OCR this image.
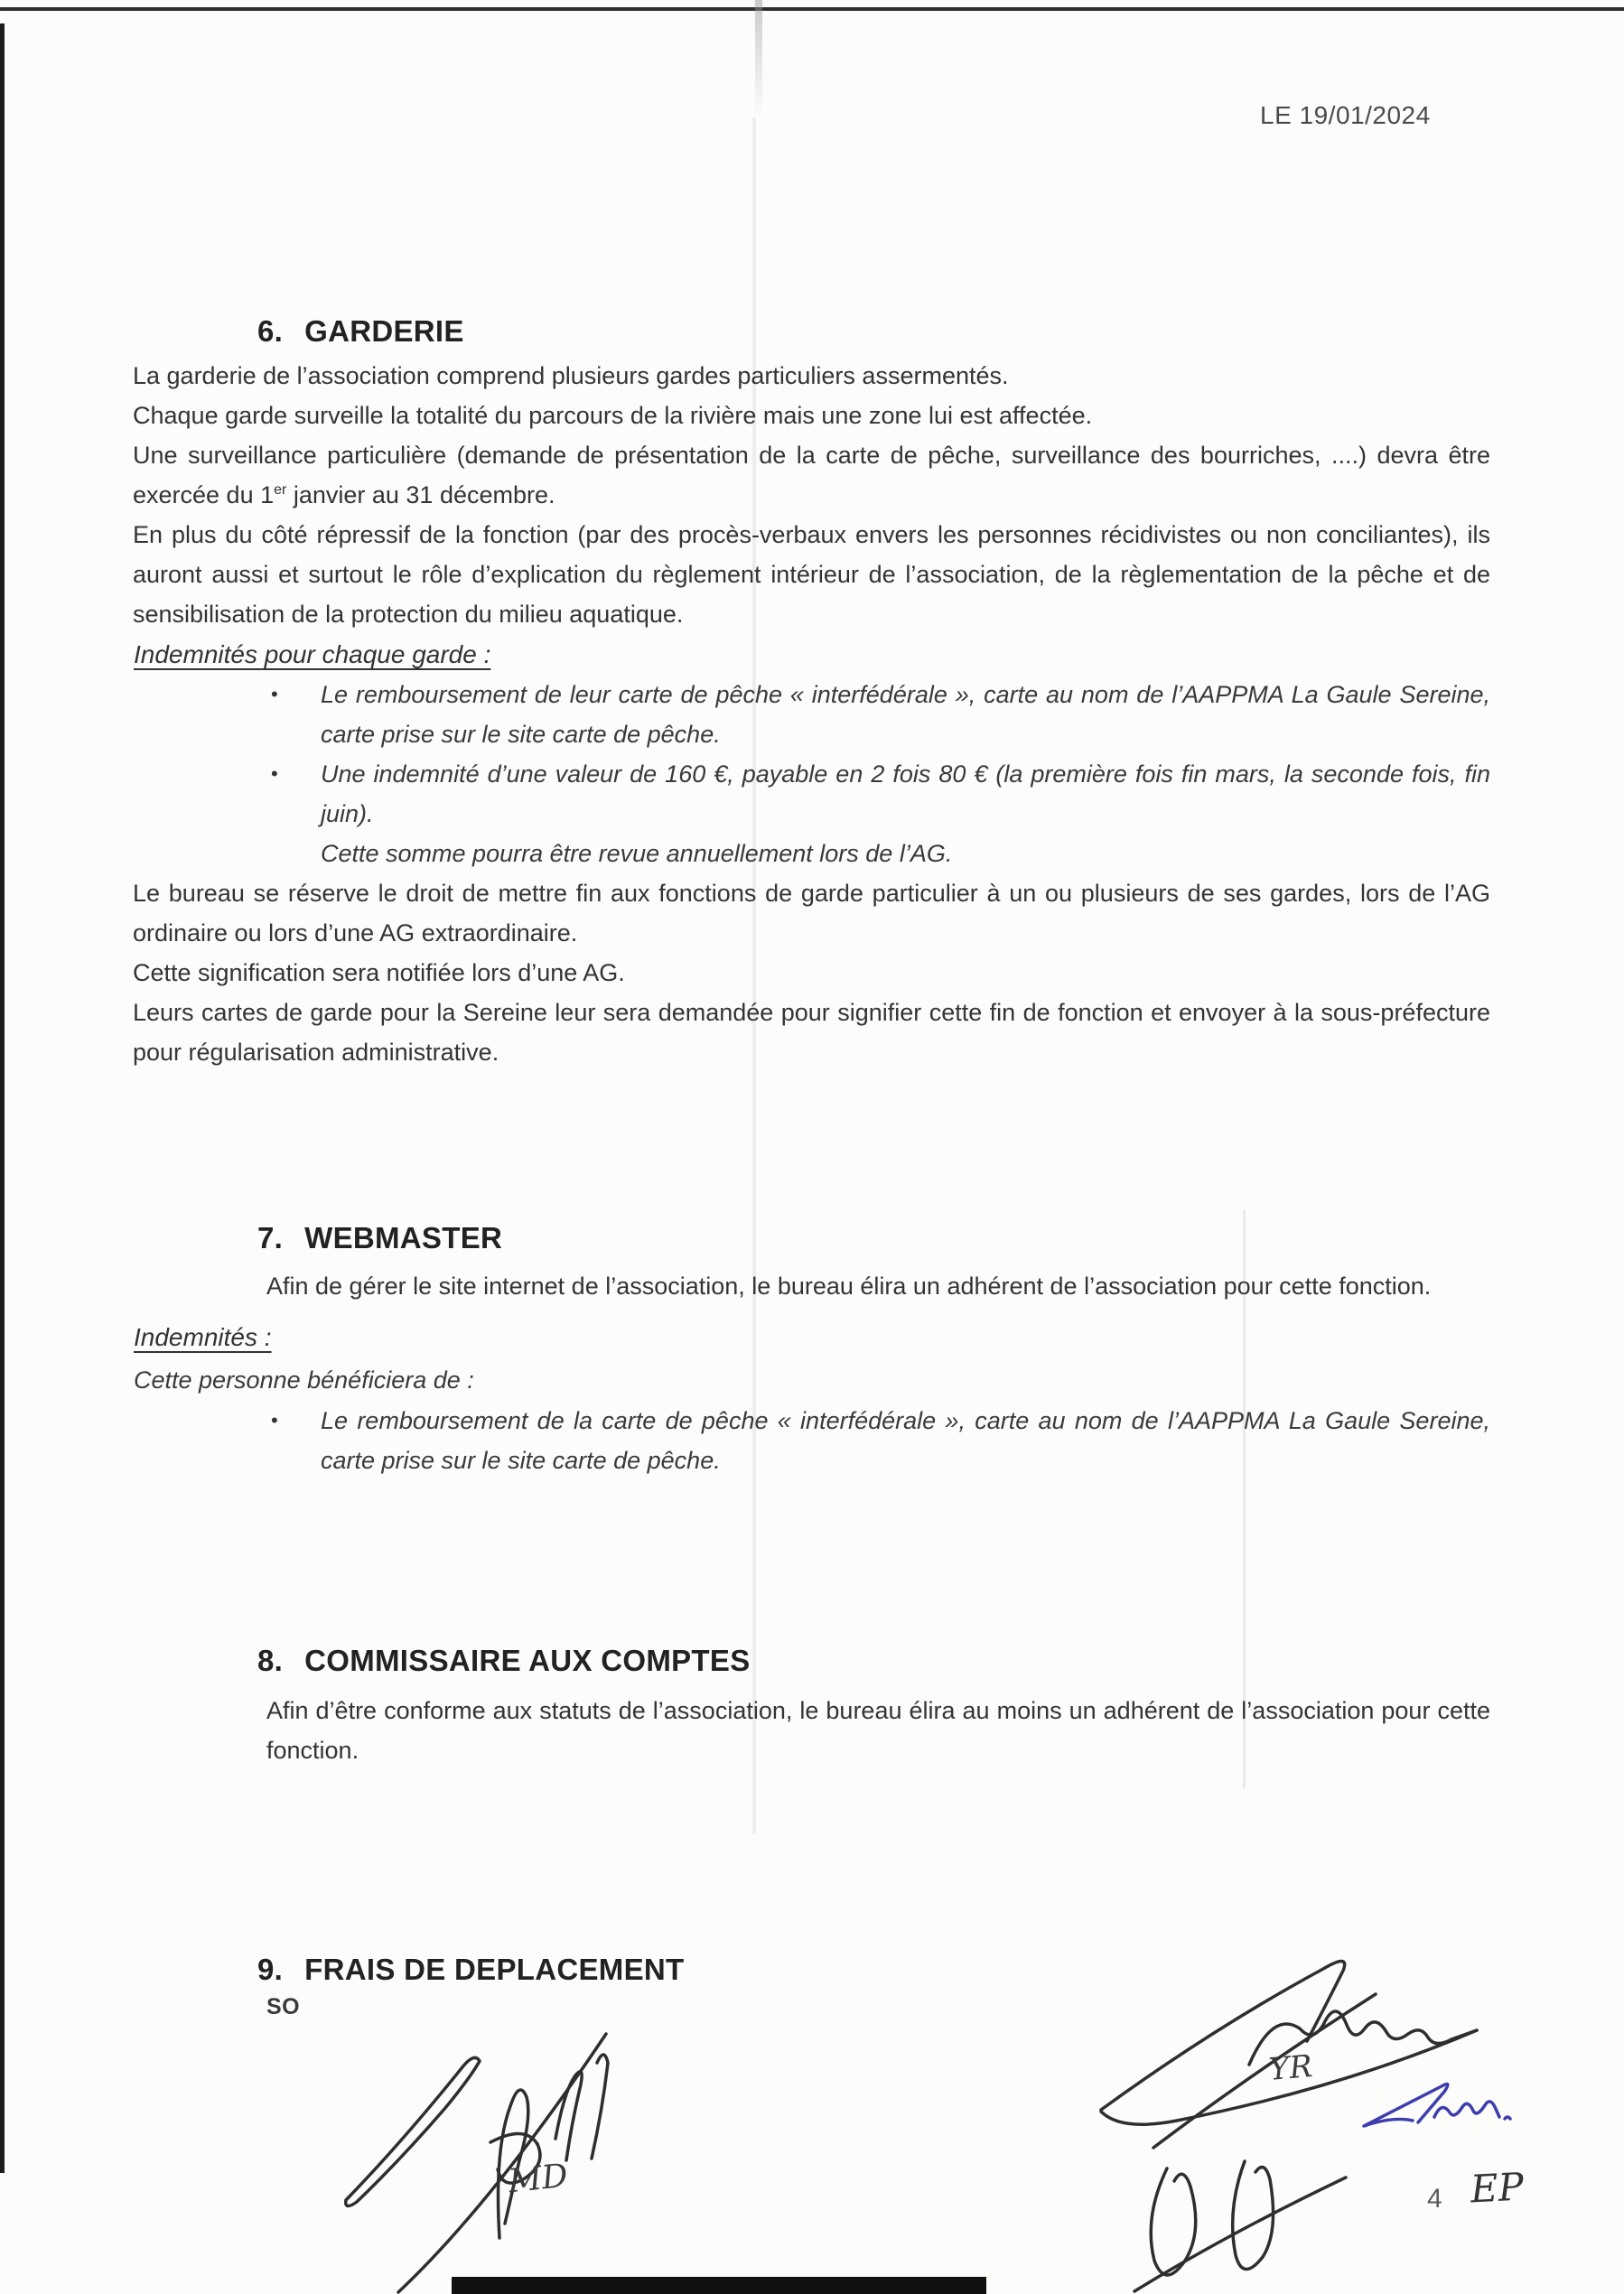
LE 19/01/2024
6. GARDERIE

La garderie de l’association comprend plusieurs gardes particuliers assermentés.

Chaque garde surveille la totalité du parcours de la rivière mais une zone lui est affectée.

Une surveillance particulière (demande de présentation de la carte de pêche, surveillance des bourriches, ....) devra être exercée du 1er janvier au 31 décembre.

En plus du côté répressif de la fonction (par des procès-verbaux envers les personnes récidivistes ou non conciliantes), ils auront aussi et surtout le rôle d’explication du règlement intérieur de l’association, de la règlementation de la pêche et de sensibilisation de la protection du milieu aquatique.

Indemnités pour chaque garde :

•	Le remboursement de leur carte de pêche « interfédérale », carte au nom de l’AAPPMA La Gaule Sereine, carte prise sur le site carte de pêche.

•	Une indemnité d’une valeur de 160 €, payable en 2 fois 80 € (la première fois fin mars, la seconde fois, fin juin).

Cette somme pourra être revue annuellement lors de l’AG.

Le bureau se réserve le droit de mettre fin aux fonctions de garde particulier à un ou plusieurs de ses gardes, lors de l’AG ordinaire ou lors d’une AG extraordinaire.

Cette signification sera notifiée lors d’une AG.

Leurs cartes de garde pour la Sereine leur sera demandée pour signifier cette fin de fonction et envoyer à la sous-préfecture pour régularisation administrative.

7. WEBMASTER

Afin de gérer le site internet de l’association, le bureau élira un adhérent de l’association pour cette fonction.

Indemnités :

Cette personne bénéficiera de :

•	Le remboursement de la carte de pêche « interfédérale », carte au nom de l’AAPPMA La Gaule Sereine, carte prise sur le site carte de pêche.

8. COMMISSAIRE AUX COMPTES

Afin d’être conforme aux statuts de l’association, le bureau élira au moins un adhérent de l’association pour cette fonction.

9. FRAIS DE DEPLACEMENT

SO

YR
MD	EP
4
